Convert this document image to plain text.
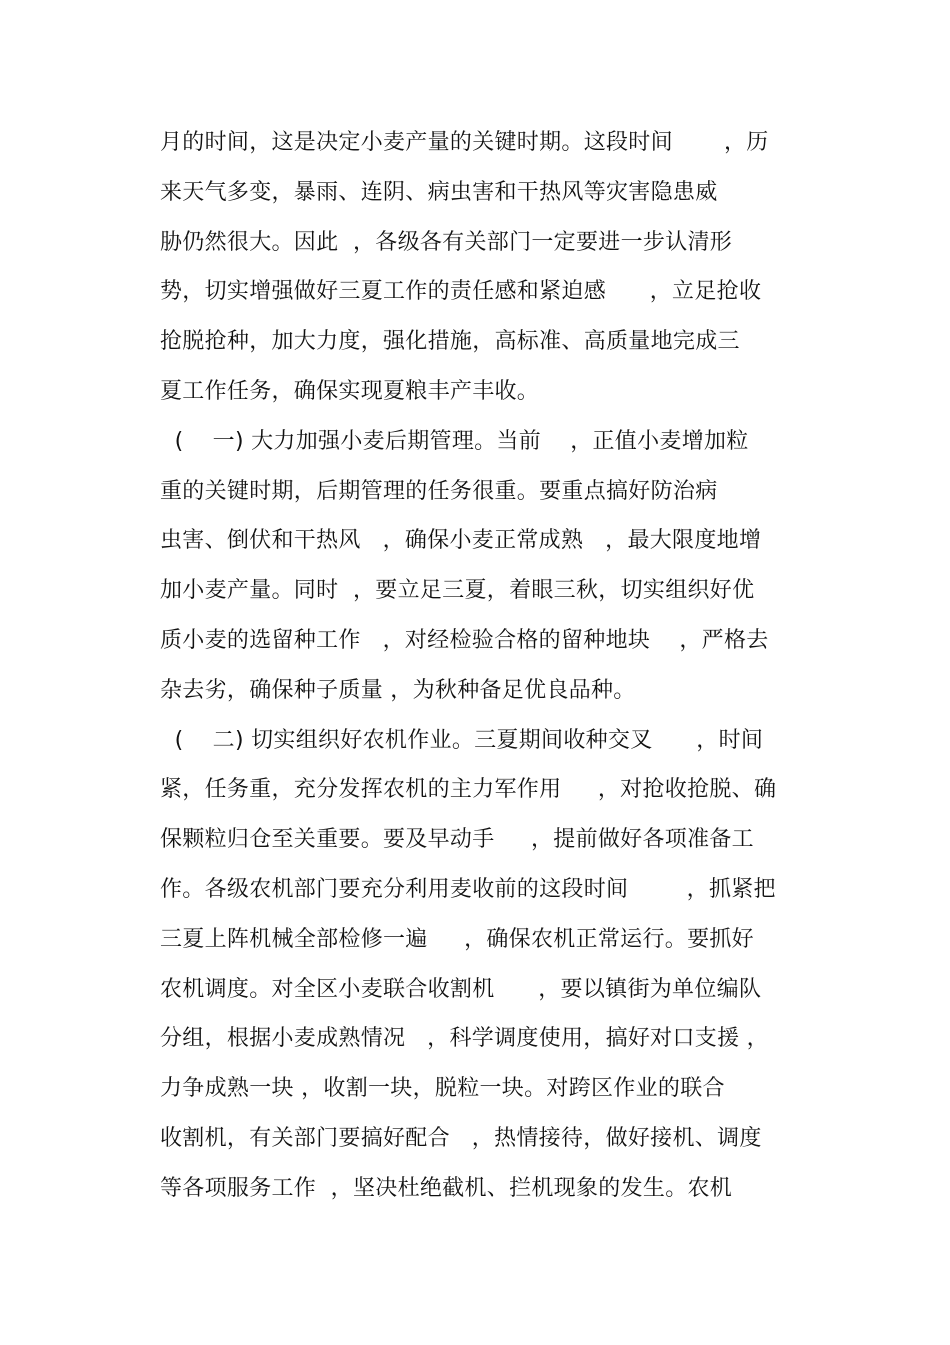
月的时间，这是决定小麦产量的关键时期。这段时间       ，历
来天气多变，暴雨、连阴、病虫害和干热风等灾害隐患威
胁仍然很大。因此  ，各级各有关部门一定要进一步认清形
势，切实增强做好三夏工作的责任感和紧迫感      ，立足抢收
抢脱抢种，加大力度，强化措施，高标准、高质量地完成三
夏工作任务，确保实现夏粮丰产丰收。
(    一) 大力加强小麦后期管理。当前    ，正值小麦增加粒
重的关键时期，后期管理的任务很重。要重点搞好防治病
虫害、倒伏和干热风   ，确保小麦正常成熟   ，最大限度地增
加小麦产量。同时  ，要立足三夏，着眼三秋，切实组织好优
质小麦的选留种工作   ，对经检验合格的留种地块    ，严格去
杂去劣，确保种子质量 ，为秋种备足优良品种。
(    二) 切实组织好农机作业。三夏期间收种交叉      ，时间
紧，任务重，充分发挥农机的主力军作用     ，对抢收抢脱、确
保颗粒归仓至关重要。要及早动手     ，提前做好各项准备工
作。各级农机部门要充分利用麦收前的这段时间        ，抓紧把
三夏上阵机械全部检修一遍     ，确保农机正常运行。要抓好
农机调度。对全区小麦联合收割机      ，要以镇街为单位编队
分组，根据小麦成熟情况   ，科学调度使用，搞好对口支援 ，
力争成熟一块 ，收割一块，脱粒一块。对跨区作业的联合
收割机，有关部门要搞好配合   ，热情接待，做好接机、调度
等各项服务工作  ，坚决杜绝截机、拦机现象的发生。农机
